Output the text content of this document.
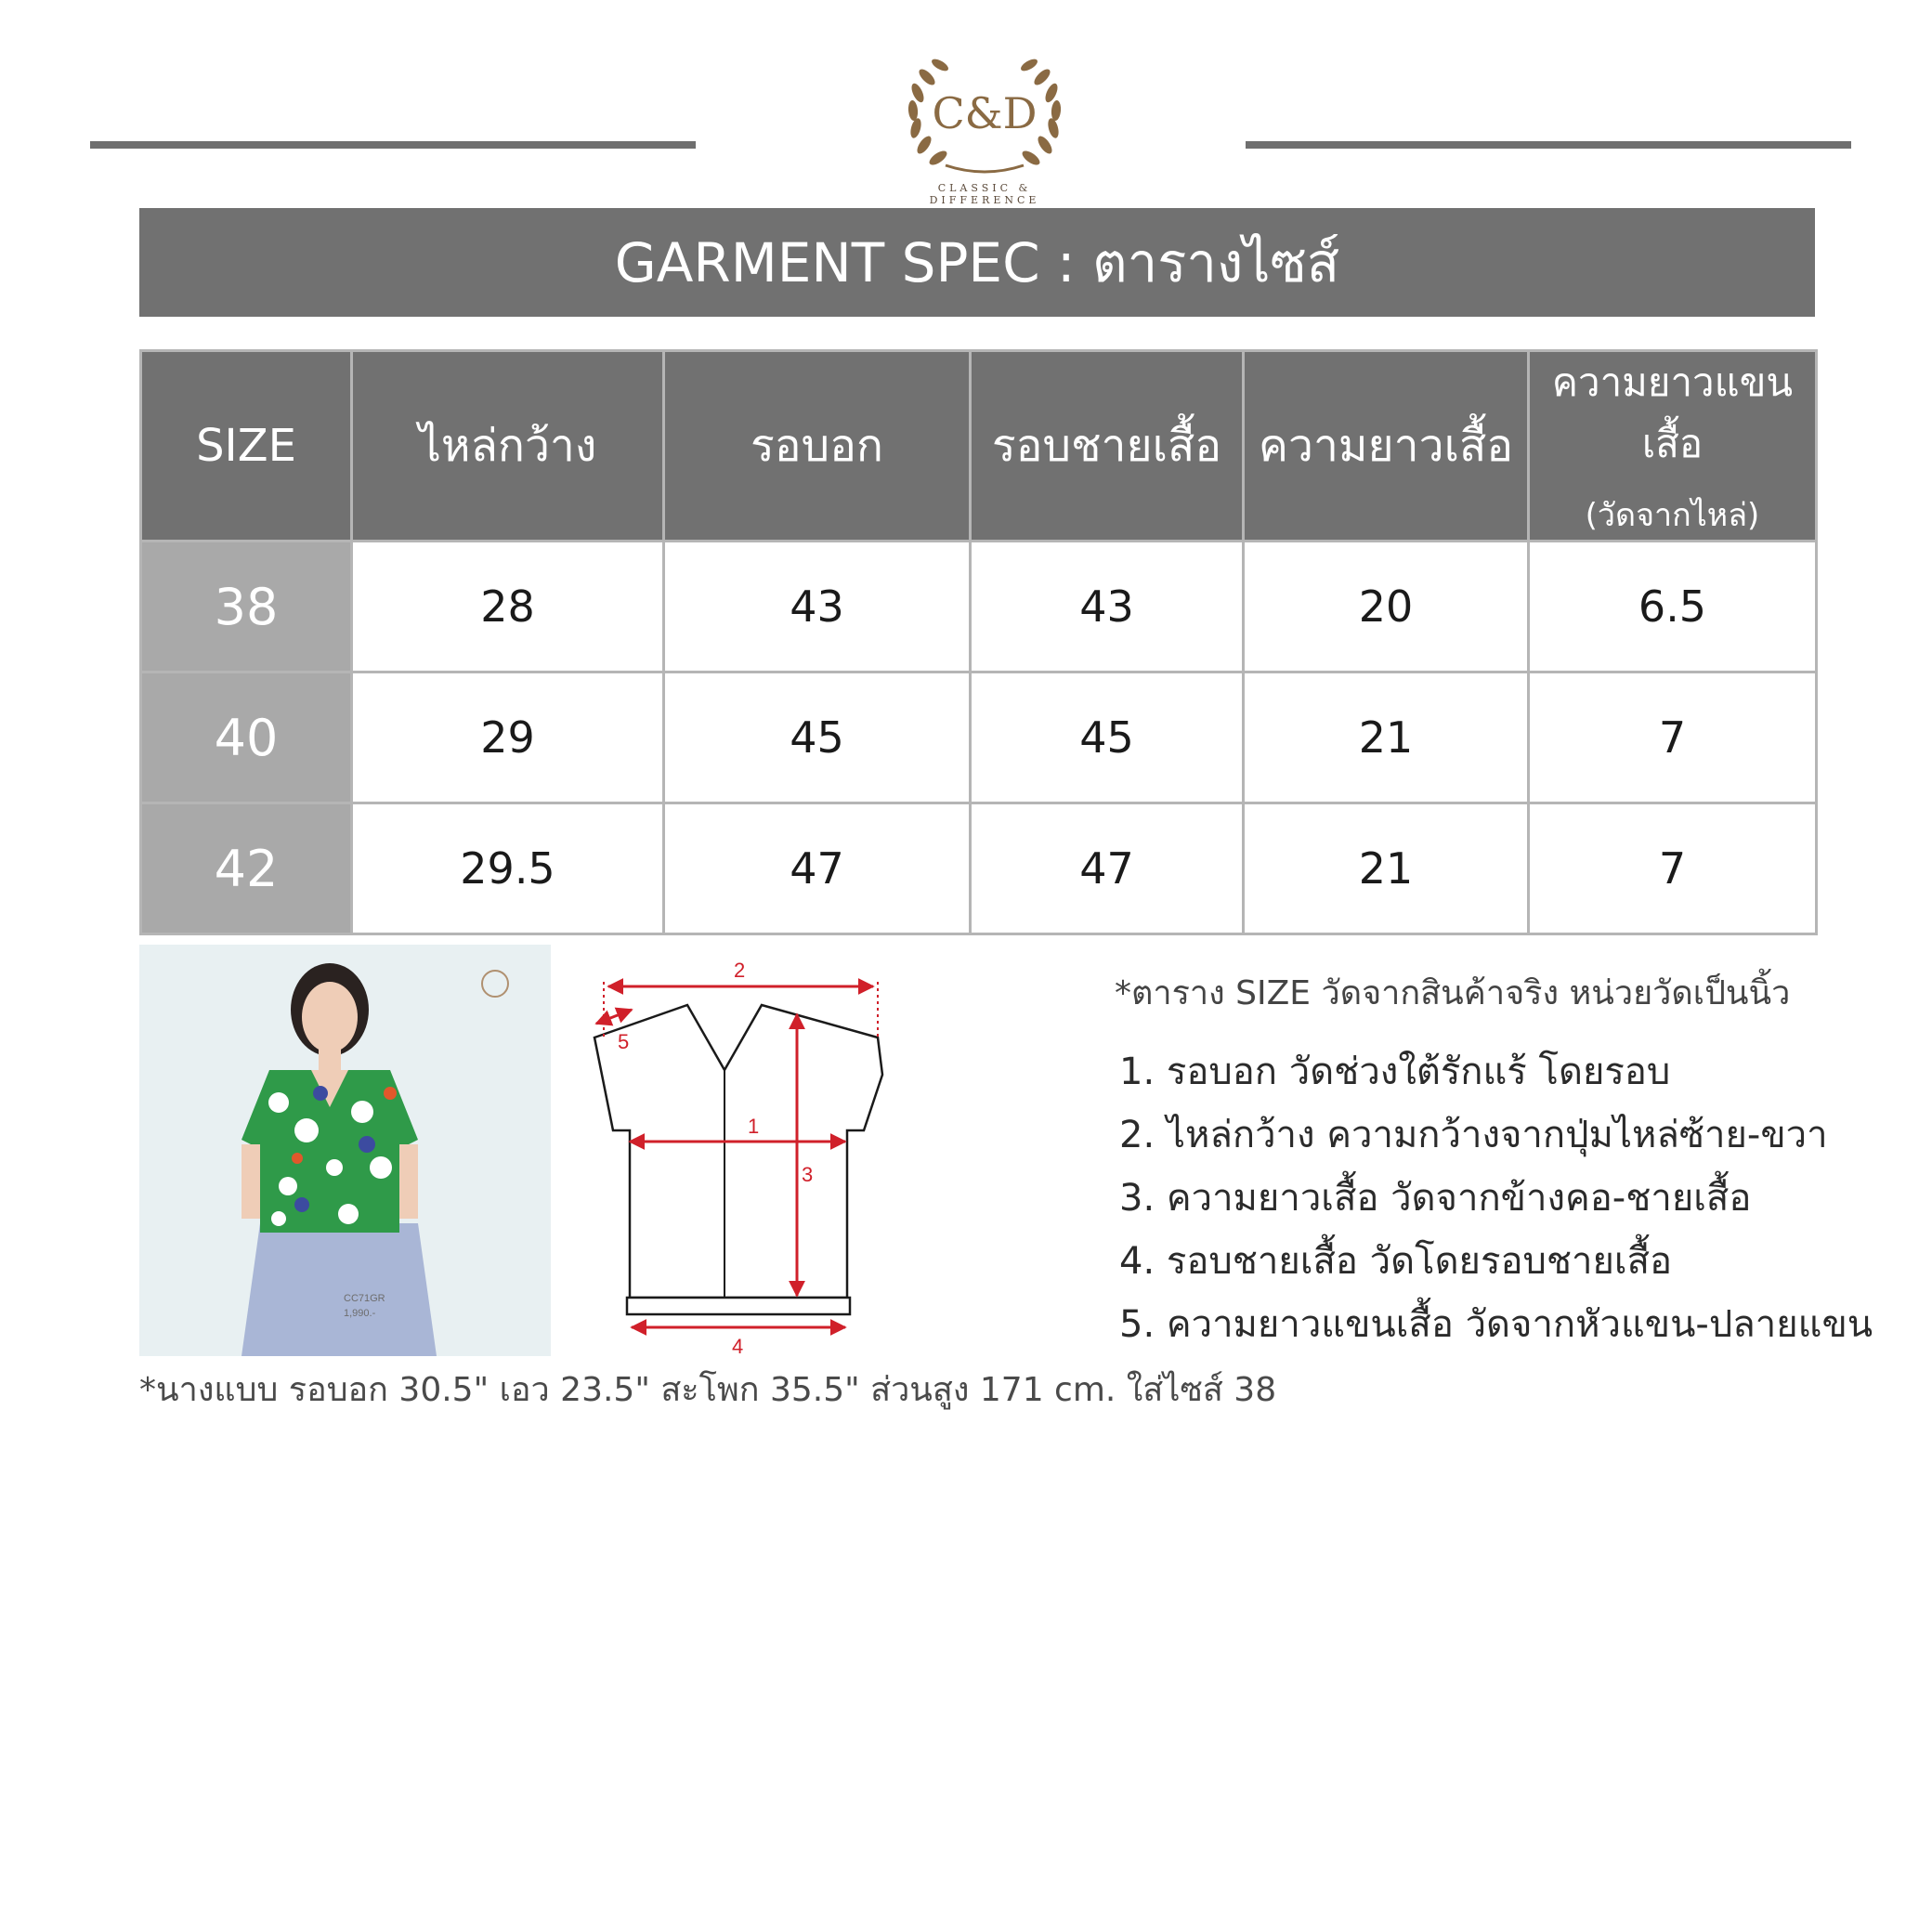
C&D
CLASSIC & DIFFERENCE
GARMENT SPEC : ตารางไซส์
SIZE	ไหล่กว้าง	รอบอก	รอบชายเสื้อ	ความยาวเสื้อ	ความยาวแขนเสื้อ
(วัดจากไหล่)

38	28	43	43	20	6.5
40	29	45	45	21	7
42	29.5	47	47	21	7
CC71GR
1,990.-
2
5
1
3
4
*ตาราง SIZE วัดจากสินค้าจริง หน่วยวัดเป็นนิ้ว
1. รอบอก วัดช่วงใต้รักแร้ โดยรอบ
2. ไหล่กว้าง ความกว้างจากปุ่มไหล่ซ้าย-ขวา
3. ความยาวเสื้อ วัดจากข้างคอ-ชายเสื้อ
4. รอบชายเสื้อ วัดโดยรอบชายเสื้อ
5. ความยาวแขนเสื้อ วัดจากหัวแขน-ปลายแขน
*นางแบบ รอบอก 30.5" เอว 23.5" สะโพก 35.5" ส่วนสูง 171 cm. ใส่ไซส์ 38
